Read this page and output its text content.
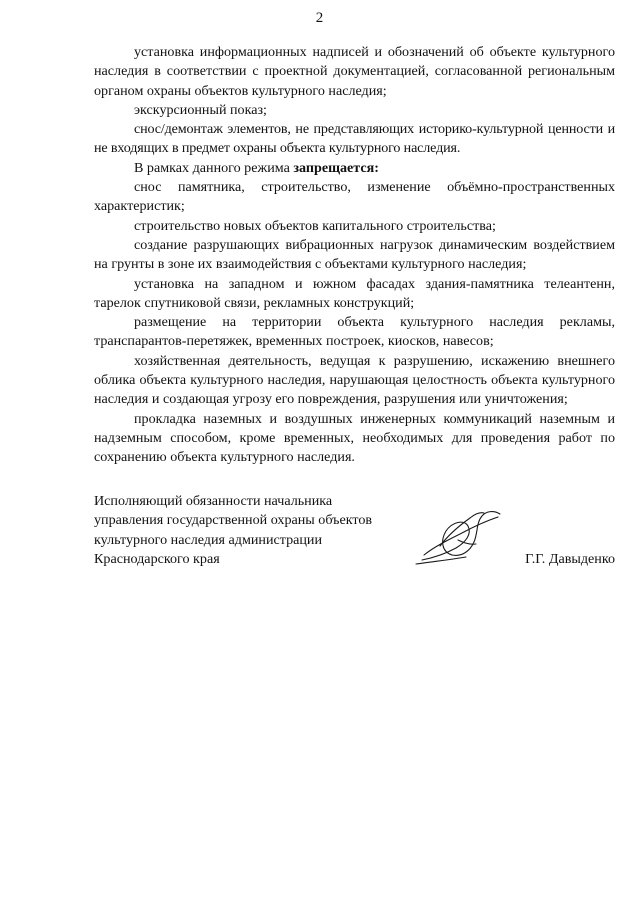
2

установка информационных надписей и обозначений об объекте культурного наследия в соответствии с проектной документацией, согласованной региональным органом охраны объектов культурного наследия;

экскурсионный показ;

снос/демонтаж элементов, не представляющих историко-культурной ценности и не входящих в предмет охраны объекта культурного наследия.

В рамках данного режима запрещается:

снос памятника, строительство, изменение объёмно-пространственных характеристик;

строительство новых объектов капитального строительства;

создание разрушающих вибрационных нагрузок динамическим воздействием на грунты в зоне их взаимодействия с объектами культурного наследия;

установка на западном и южном фасадах здания-памятника телеантенн, тарелок спутниковой связи, рекламных конструкций;

размещение на территории объекта культурного наследия рекламы, транспарантов-перетяжек, временных построек, киосков, навесов;

хозяйственная деятельность, ведущая к разрушению, искажению внешнего облика объекта культурного наследия, нарушающая целостность объекта культурного наследия и создающая угрозу его повреждения, разрушения или уничтожения;

прокладка наземных и воздушных инженерных коммуникаций наземным и надземным способом, кроме временных, необходимых для проведения работ по сохранению объекта культурного наследия.

Исполняющий обязанности начальника

управления государственной охраны объектов

культурного наследия администрации

Краснодарского края	Г.Г. Давыденко
